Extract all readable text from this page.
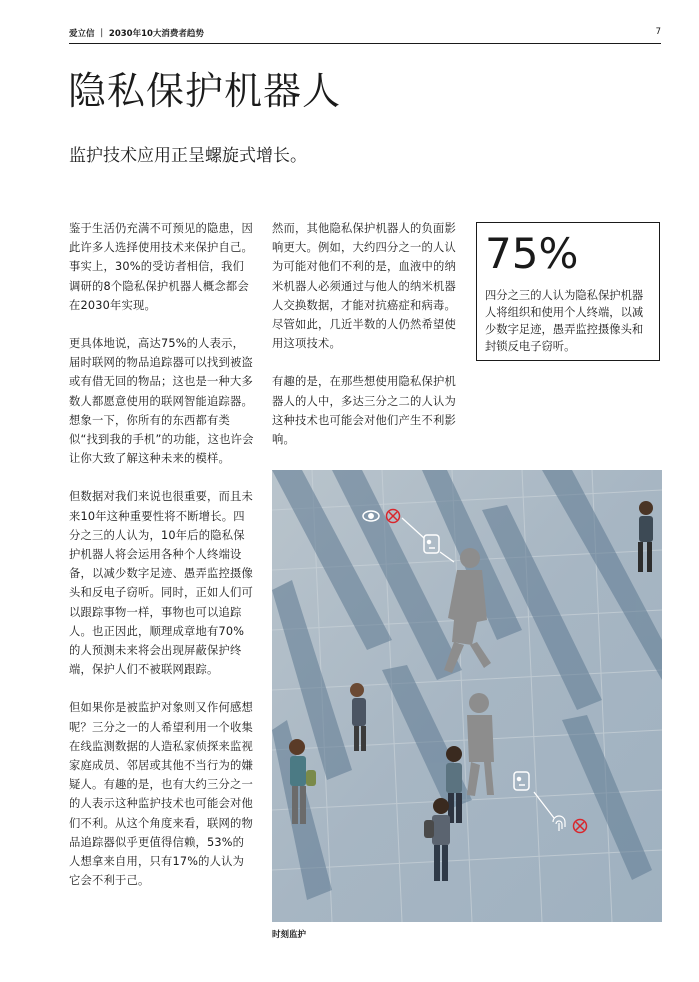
爱立信 ｜ 2030年10大消费者趋势	7
隐私保护机器人
监护技术应用正呈螺旋式增长。

鉴于生活仍充满不可预见的隐患，因此许多人选择使用技术来保护自己。事实上，30%的受访者相信，我们调研的8个隐私保护机器人概念都会在2030年实现。

更具体地说，高达75%的人表示，届时联网的物品追踪器可以找到被盗或有借无回的物品；这也是一种大多数人都愿意使用的联网智能追踪器。想象一下，你所有的东西都有类似“找到我的手机”的功能，这也许会让你大致了解这种未来的模样。

但数据对我们来说也很重要，而且未来10年这种重要性将不断增长。四分之三的人认为，10年后的隐私保护机器人将会运用各种个人终端设备，以减少数字足迹、愚弄监控摄像头和反电子窃听。同时，正如人们可以跟踪事物一样，事物也可以追踪人。也正因此，顺理成章地有70%的人预测未来将会出现屏蔽保护终端，保护人们不被联网跟踪。

但如果你是被监护对象则又作何感想呢？三分之一的人希望利用一个收集在线监测数据的人造私家侦探来监视家庭成员、邻居或其他不当行为的嫌疑人。有趣的是，也有大约三分之一的人表示这种监护技术也可能会对他们不利。从这个角度来看，联网的物品追踪器似乎更值得信赖，53%的人想拿来自用，只有17%的人认为它会不利于己。

然而，其他隐私保护机器人的负面影响更大。例如，大约四分之一的人认为可能对他们不利的是，血液中的纳米机器人必须通过与他人的纳米机器人交换数据，才能对抗癌症和病毒。尽管如此，几近半数的人仍然希望使用这项技术。

有趣的是，在那些想使用隐私保护机器人的人中，多达三分之二的人认为这种技术也可能会对他们产生不利影响。

75%
四分之三的人认为隐私保护机器人将组织和使用个人终端，以减少数字足迹，愚弄监控摄像头和封锁反电子窃听。
时刻监护
